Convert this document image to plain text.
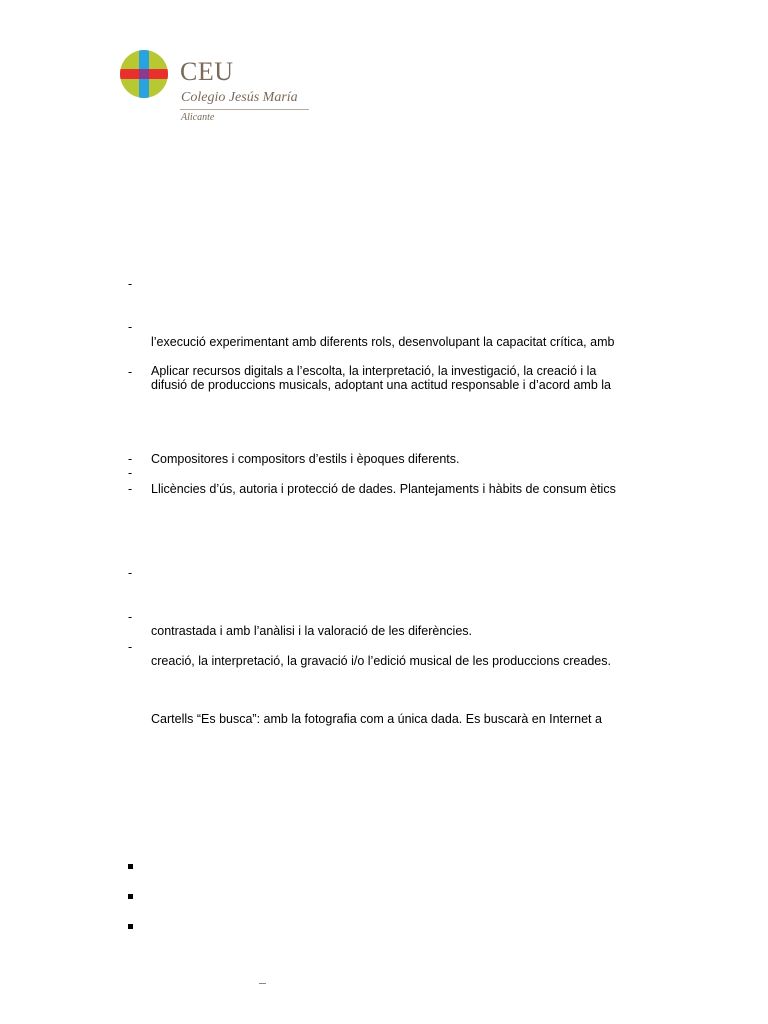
CEU
Colegio Jesús María
Alicante
-
-
l’execució experimentant amb diferents rols, desenvolupant la capacitat crítica, amb
- Aplicar recursos digitals a l’escolta, la interpretació, la investigació, la creació i la
difusió de produccions musicals, adoptant una actitud responsable i d’acord amb la
- Compositores i compositors d’estils i èpoques diferents.
-
- Llicències d’ús, autoria i protecció de dades. Plantejaments i hàbits de consum ètics
-
-
contrastada i amb l’anàlisi i la valoració de les diferències.
-
creació, la interpretació, la gravació i/o l’edició musical de les produccions creades.
Cartells “Es busca”: amb la fotografia com a única dada. Es buscarà en Internet a
